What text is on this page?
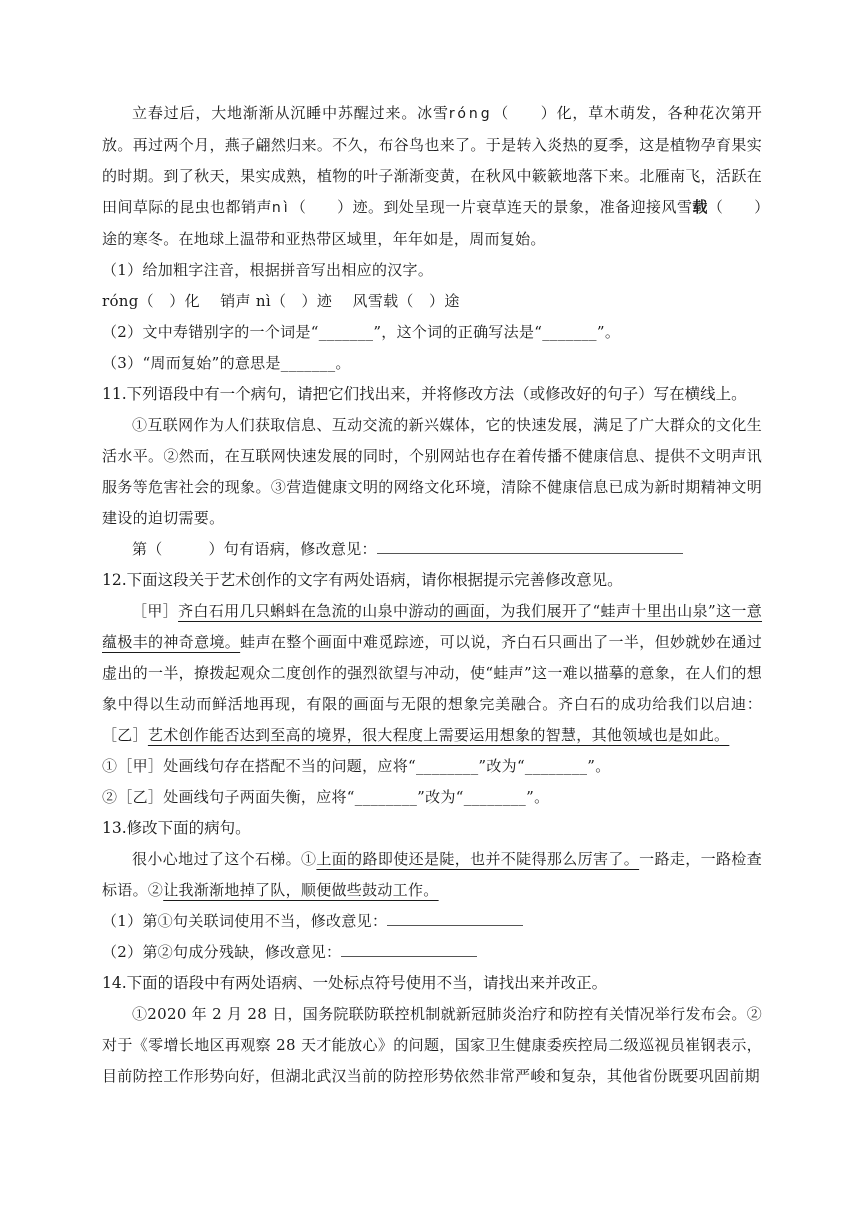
立春过后，大地渐渐从沉睡中苏醒过来。冰雪róng（　　）化，草木萌发，各种花次第开放。再过两个月，燕子翩然归来。不久，布谷鸟也来了。于是转入炎热的夏季，这是植物孕育果实的时期。到了秋天，果实成熟，植物的叶子渐渐变黄，在秋风中簌簌地落下来。北雁南飞，活跃在田间草际的昆虫也都销声nì（　　）迹。到处呈现一片衰草连天的景象，准备迎接风雪载（　　）途的寒冬。在地球上温带和亚热带区域里，年年如是，周而复始。

（1）给加粗字注音，根据拼音写出相应的汉字。

róng（　）化　 销声 nì（　）迹　 风雪载（　）途

（2）文中寿错别字的一个词是“_______”，这个词的正确写法是“_______”。

（3）“周而复始”的意思是_______。

11.下列语段中有一个病句，请把它们找出来，并将修改方法（或修改好的句子）写在横线上。

①互联网作为人们获取信息、互动交流的新兴媒体，它的快速发展，满足了广大群众的文化生活水平。②然而，在互联网快速发展的同时，个别网站也存在着传播不健康信息、提供不文明声讯服务等危害社会的现象。③营造健康文明的网络文化环境，清除不健康信息已成为新时期精神文明建设的迫切需要。

第（　　　）句有语病，修改意见：

12.下面这段关于艺术创作的文字有两处语病，请你根据提示完善修改意见。

［甲］齐白石用几只蝌蚪在急流的山泉中游动的画面，为我们展开了“蛙声十里出山泉”这一意蕴极丰的神奇意境。蛙声在整个画面中难觅踪迹，可以说，齐白石只画出了一半，但妙就妙在通过虚出的一半，撩拨起观众二度创作的强烈欲望与冲动，使“蛙声”这一难以描摹的意象，在人们的想象中得以生动而鲜活地再现，有限的画面与无限的想象完美融合。齐白石的成功给我们以启迪：［乙］艺术创作能否达到至高的境界，很大程度上需要运用想象的智慧，其他领域也是如此。

①［甲］处画线句存在搭配不当的问题，应将“________”改为“________”。

②［乙］处画线句子两面失衡，应将“________”改为“________”。

13.修改下面的病句。

很小心地过了这个石梯。①上面的路即使还是陡，也并不陡得那么厉害了。一路走，一路检查标语。②让我渐渐地掉了队，顺便做些鼓动工作。

（1）第①句关联词使用不当，修改意见：

（2）第②句成分残缺，修改意见：

14.下面的语段中有两处语病、一处标点符号使用不当，请找出来并改正。

①2020 年 2 月 28 日，国务院联防联控机制就新冠肺炎治疗和防控有关情况举行发布会。②对于《零增长地区再观察 28 天才能放心》的问题，国家卫生健康委疾控局二级巡视员崔钢表示，目前防控工作形势向好，但湖北武汉当前的防控形势依然非常严峻和复杂，其他省份既要巩固前期
